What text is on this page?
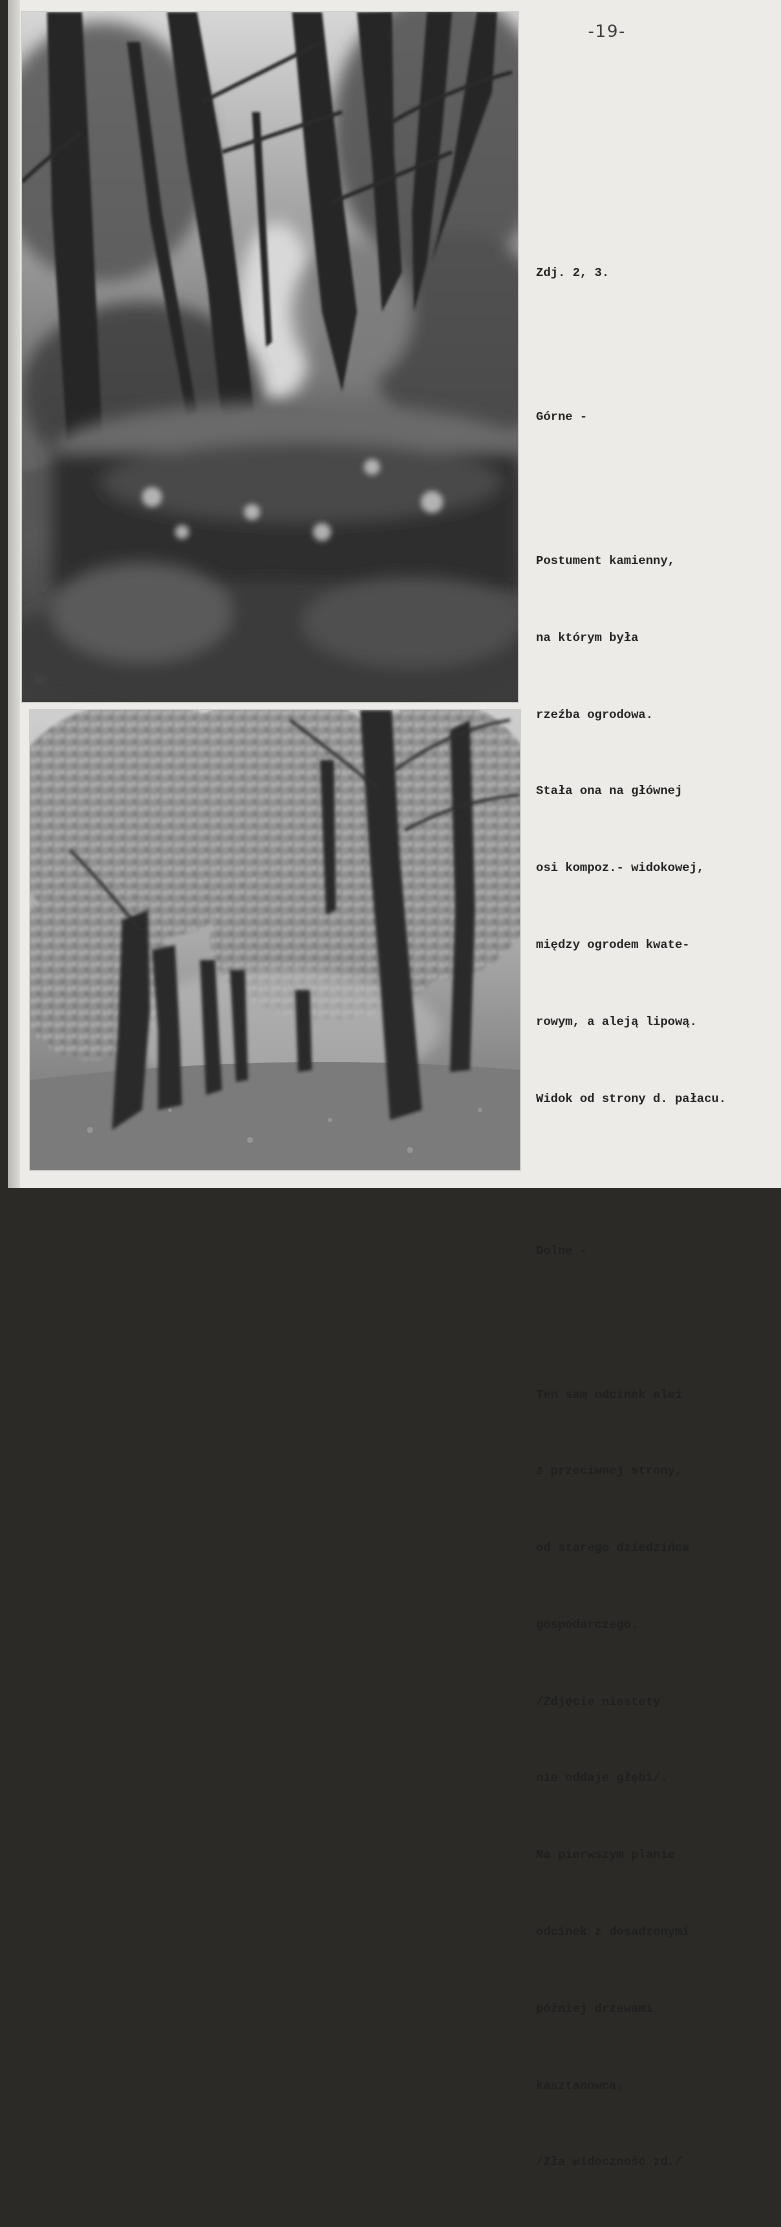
-19-

Zdj. 2, 3.

Górne -

Postument kamienny,

na którym była

rzeźba ogrodowa.

Stała ona na głównej

osi kompoz.- widokowej,

między ogrodem kwate-

rowym, a aleją lipową.

Widok od strony d. pałacu.

Dolne -

Ten sam odcinek alei

z przeciwnej strony,

od starego dziedzińca

gospodarczego.

/Zdjęcie niestety

nie oddaje głębi/.

Na pierwszym planie

odcinek z dosadzonymi

później drzewami

kasztanowca.

/Zła widoczność zd./
